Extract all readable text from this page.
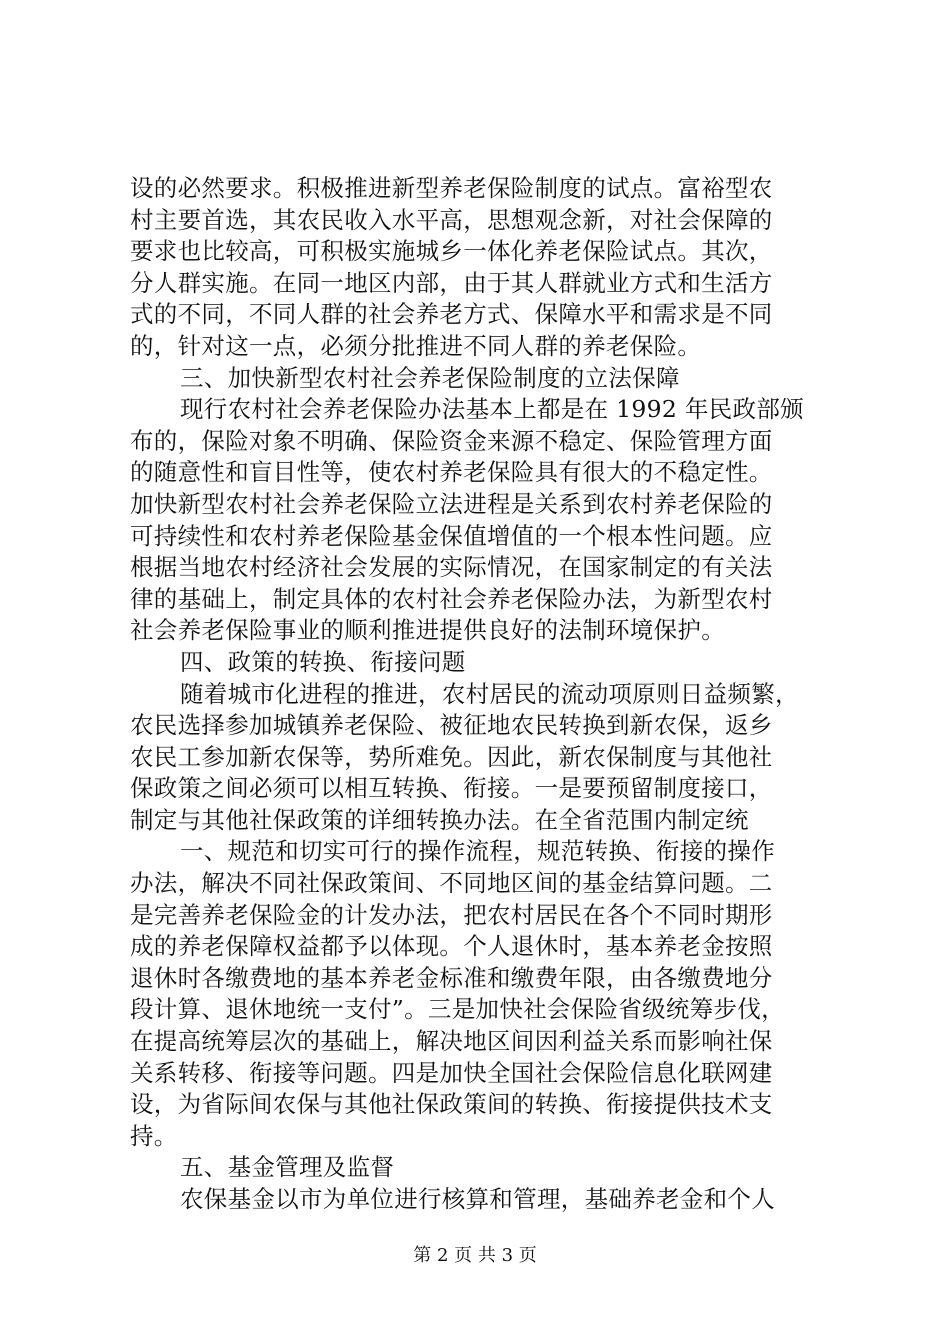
设的必然要求。积极推进新型养老保险制度的试点。富裕型农
村主要首选，其农民收入水平高，思想观念新，对社会保障的
要求也比较高，可积极实施城乡一体化养老保险试点。其次，
分人群实施。在同一地区内部，由于其人群就业方式和生活方
式的不同，不同人群的社会养老方式、保障水平和需求是不同
的，针对这一点，必须分批推进不同人群的养老保险。
三、加快新型农村社会养老保险制度的立法保障
现行农村社会养老保险办法基本上都是在 1992 年民政部颁
布的，保险对象不明确、保险资金来源不稳定、保险管理方面
的随意性和盲目性等，使农村养老保险具有很大的不稳定性。
加快新型农村社会养老保险立法进程是关系到农村养老保险的
可持续性和农村养老保险基金保值增值的一个根本性问题。应
根据当地农村经济社会发展的实际情况，在国家制定的有关法
律的基础上，制定具体的农村社会养老保险办法，为新型农村
社会养老保险事业的顺利推进提供良好的法制环境保护。
四、政策的转换、衔接问题
随着城市化进程的推进，农村居民的流动项原则日益频繁，
农民选择参加城镇养老保险、被征地农民转换到新农保，返乡
农民工参加新农保等，势所难免。因此，新农保制度与其他社
保政策之间必须可以相互转换、衔接。一是要预留制度接口，
制定与其他社保政策的详细转换办法。在全省范围内制定统
一、规范和切实可行的操作流程，规范转换、衔接的操作
办法，解决不同社保政策间、不同地区间的基金结算问题。二
是完善养老保险金的计发办法，把农村居民在各个不同时期形
成的养老保障权益都予以体现。个人退休时，基本养老金按照
退休时各缴费地的基本养老金标准和缴费年限，由各缴费地分
段计算、退休地统一支付”。三是加快社会保险省级统筹步伐，
在提高统筹层次的基础上，解决地区间因利益关系而影响社保
关系转移、衔接等问题。四是加快全国社会保险信息化联网建
设，为省际间农保与其他社保政策间的转换、衔接提供技术支
持。
五、基金管理及监督
农保基金以市为单位进行核算和管理，基础养老金和个人
第 2 页 共 3 页
